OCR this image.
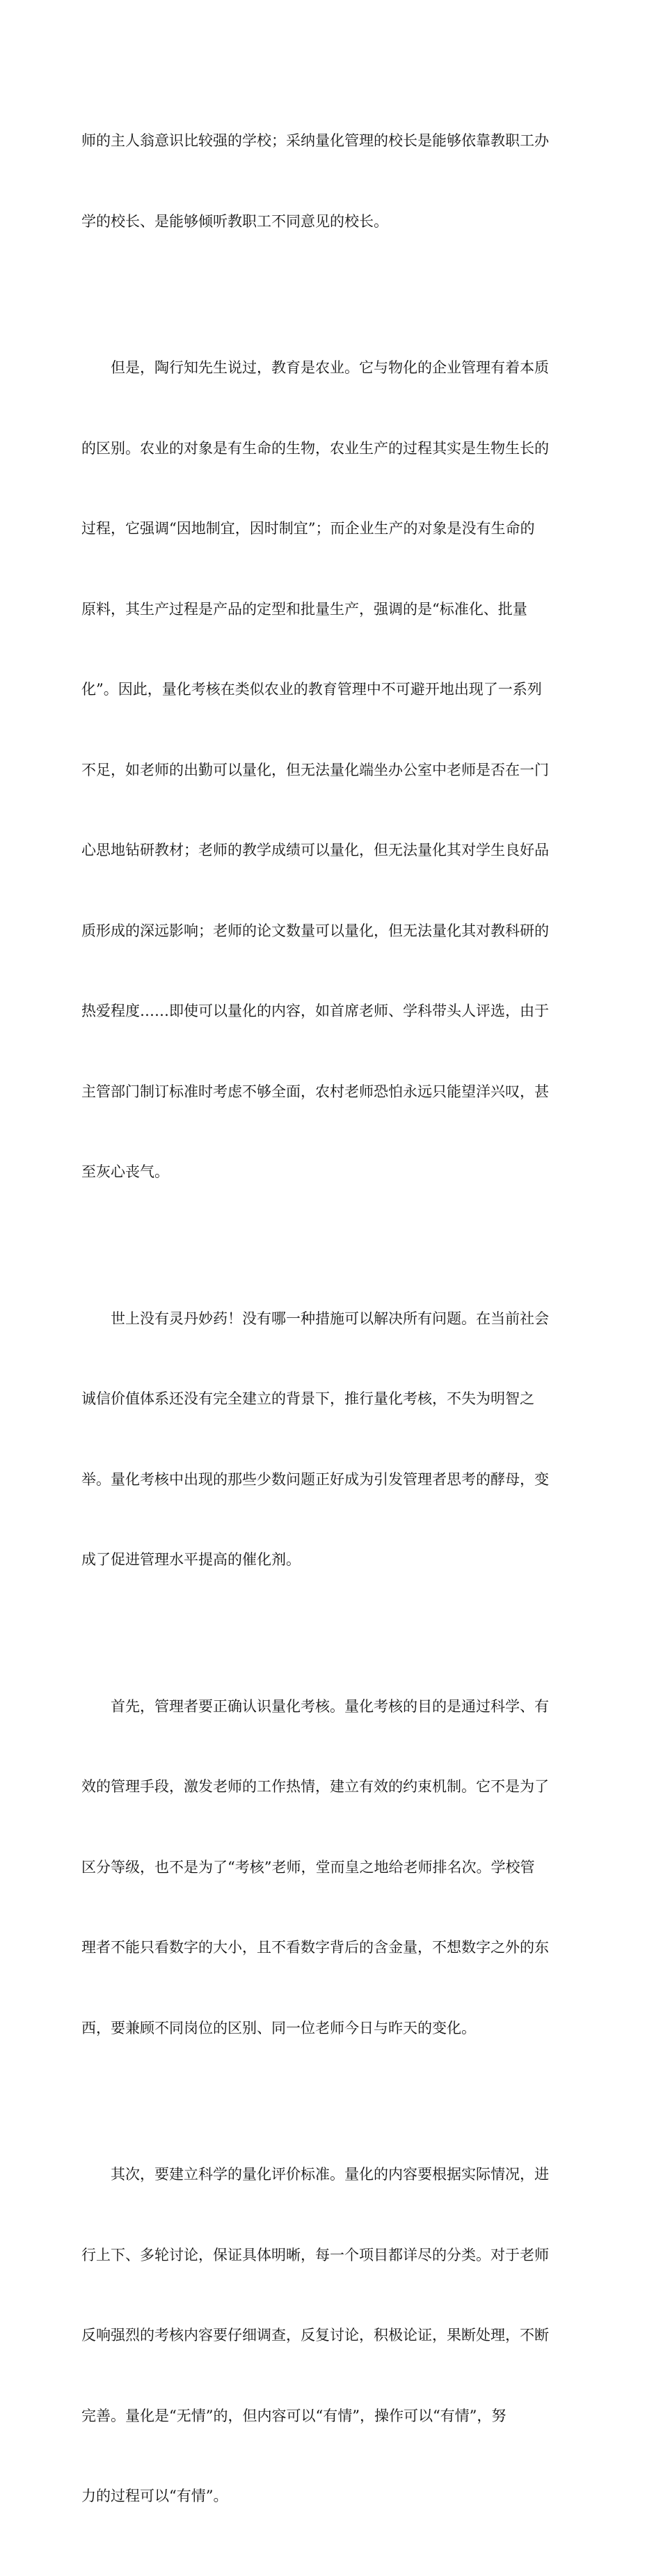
师的主人翁意识比较强的学校；采纳量化管理的校长是能够依靠教职工办

学的校长、是能够倾听教职工不同意见的校长。

　　但是，陶行知先生说过，教育是农业。它与物化的企业管理有着本质

的区别。农业的对象是有生命的生物，农业生产的过程其实是生物生长的

过程，它强调“因地制宜，因时制宜”；而企业生产的对象是没有生命的

原料，其生产过程是产品的定型和批量生产，强调的是“标准化、批量

化”。因此，量化考核在类似农业的教育管理中不可避开地出现了一系列

不足，如老师的出勤可以量化，但无法量化端坐办公室中老师是否在一门

心思地钻研教材；老师的教学成绩可以量化，但无法量化其对学生良好品

质形成的深远影响；老师的论文数量可以量化，但无法量化其对教科研的

热爱程度……即使可以量化的内容，如首席老师、学科带头人评选，由于

主管部门制订标准时考虑不够全面，农村老师恐怕永远只能望洋兴叹，甚

至灰心丧气。

　　世上没有灵丹妙药！没有哪一种措施可以解决所有问题。在当前社会

诚信价值体系还没有完全建立的背景下，推行量化考核，不失为明智之

举。量化考核中出现的那些少数问题正好成为引发管理者思考的酵母，变

成了促进管理水平提高的催化剂。

　　首先，管理者要正确认识量化考核。量化考核的目的是通过科学、有

效的管理手段，激发老师的工作热情，建立有效的约束机制。它不是为了

区分等级，也不是为了“考核”老师，堂而皇之地给老师排名次。学校管

理者不能只看数字的大小，且不看数字背后的含金量，不想数字之外的东

西，要兼顾不同岗位的区别、同一位老师今日与昨天的变化。

　　其次，要建立科学的量化评价标准。量化的内容要根据实际情况，进

行上下、多轮讨论，保证具体明晰，每一个项目都详尽的分类。对于老师

反响强烈的考核内容要仔细调查，反复讨论，积极论证，果断处理，不断

完善。量化是“无情”的，但内容可以“有情”，操作可以“有情”，努

力的过程可以“有情”。
